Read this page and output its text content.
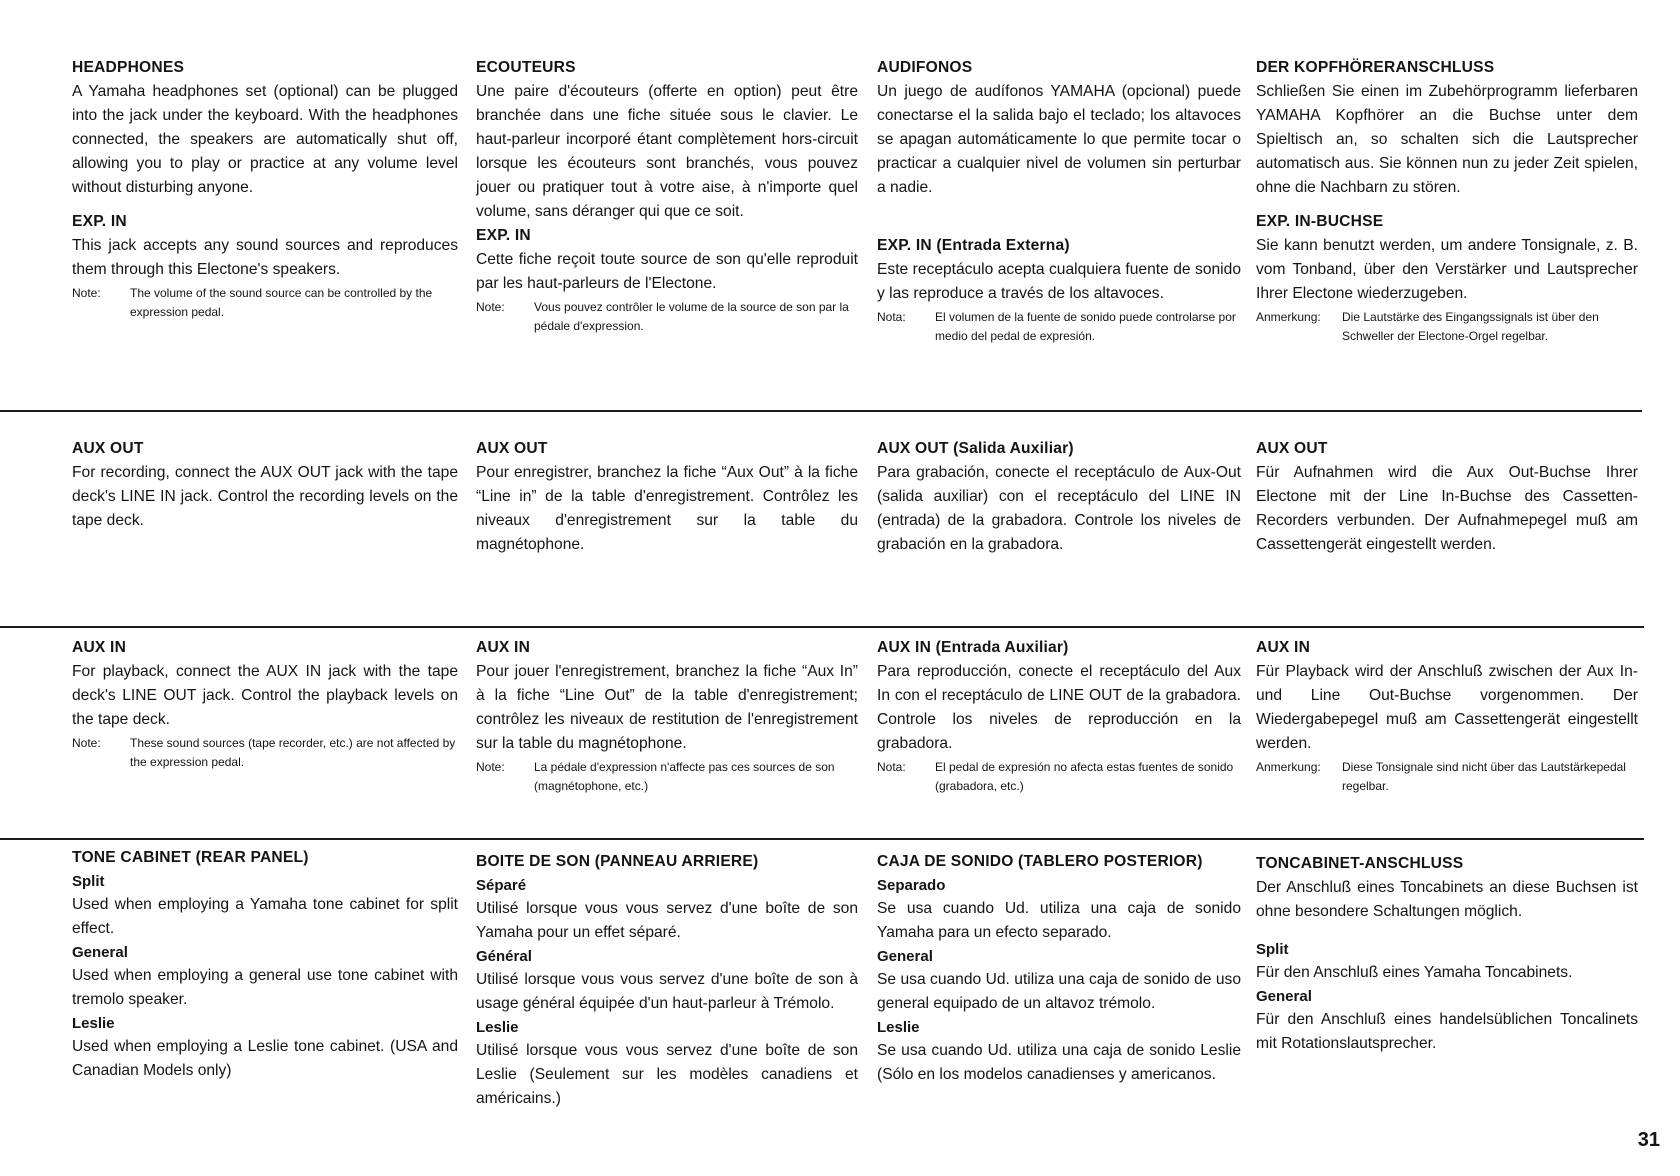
HEADPHONES

A Yamaha headphones set (optional) can be plugged into the jack under the keyboard. With the headphones connected, the speakers are automatically shut off, allowing you to play or practice at any volume level without disturbing anyone.

EXP. IN

This jack accepts any sound sources and reproduces them through this Electone's speakers.

Note:	The volume of the sound source can be controlled by the expression pedal.
ECOUTEURS

Une paire d'écouteurs (offerte en option) peut être branchée dans une fiche située sous le clavier. Le haut-parleur incorporé étant complètement hors-circuit lorsque les écouteurs sont branchés, vous pouvez jouer ou pratiquer tout à votre aise, à n'importe quel volume, sans déranger qui que ce soit.

EXP. IN

Cette fiche reçoit toute source de son qu'elle reproduit par les haut-parleurs de l'Electone.

Note:	Vous pouvez contrôler le volume de la source de son par la pédale d'expression.
AUDIFONOS

Un juego de audífonos YAMAHA (opcional) puede conectarse el la salida bajo el teclado; los altavoces se apagan automáticamente lo que permite tocar o practicar a cualquier nivel de volumen sin perturbar a nadie.

EXP. IN (Entrada Externa)

Este receptáculo acepta cualquiera fuente de sonido y las reproduce a través de los altavoces.

Nota:	El volumen de la fuente de sonido puede controlarse por medio del pedal de expresión.
DER KOPFHÖRERANSCHLUSS

Schließen Sie einen im Zubehörprogramm lieferbaren YAMAHA Kopfhörer an die Buchse unter dem Spieltisch an, so schalten sich die Lautsprecher automatisch aus. Sie können nun zu jeder Zeit spielen, ohne die Nachbarn zu stören.

EXP. IN-BUCHSE

Sie kann benutzt werden, um andere Tonsignale, z. B. vom Tonband, über den Verstärker und Lautsprecher Ihrer Electone wiederzugeben.

Anmerkung:	Die Lautstärke des Eingangssignals ist über den Schweller der Electone-Orgel regelbar.
AUX OUT

For recording, connect the AUX OUT jack with the tape deck's LINE IN jack. Control the recording levels on the tape deck.

AUX OUT

Pour enregistrer, branchez la fiche “Aux Out” à la fiche “Line in” de la table d'enregistrement. Contrôlez les niveaux d'enregistrement sur la table du magnétophone.

AUX OUT (Salida Auxiliar)

Para grabación, conecte el receptáculo de Aux-Out (salida auxiliar) con el receptáculo del LINE IN (entrada) de la grabadora. Controle los niveles de grabación en la grabadora.

AUX OUT

Für Aufnahmen wird die Aux Out-Buchse Ihrer Electone mit der Line In-Buchse des Cassetten-Recorders verbunden. Der Aufnahmepegel muß am Cassettengerät eingestellt werden.

AUX IN

For playback, connect the AUX IN jack with the tape deck's LINE OUT jack. Control the playback levels on the tape deck.

Note:	These sound sources (tape recorder, etc.) are not affected by the expression pedal.
AUX IN

Pour jouer l'enregistrement, branchez la fiche “Aux In” à la fiche “Line Out” de la table d'enregistrement; contrôlez les niveaux de restitution de l'enregistrement sur la table du magnétophone.

Note:	La pédale d'expression n'affecte pas ces sources de son (magnétophone, etc.)
AUX IN (Entrada Auxiliar)

Para reproducción, conecte el receptáculo del Aux In con el receptáculo de LINE OUT de la grabadora. Controle los niveles de reproducción en la grabadora.

Nota:	El pedal de expresión no afecta estas fuentes de sonido (grabadora, etc.)
AUX IN

Für Playback wird der Anschluß zwischen der Aux In- und Line Out-Buchse vorgenommen. Der Wiedergabepegel muß am Cassettengerät eingestellt werden.

Anmerkung:	Diese Tonsignale sind nicht über das Lautstärkepedal regelbar.
TONE CABINET (REAR PANEL)
Split

Used when employing a Yamaha tone cabinet for split effect.

General

Used when employing a general use tone cabinet with tremolo speaker.

Leslie

Used when employing a Leslie tone cabinet. (USA and Canadian Models only)

BOITE DE SON (PANNEAU ARRIERE)
Séparé

Utilisé lorsque vous vous servez d'une boîte de son Yamaha pour un effet séparé.

Général

Utilisé lorsque vous vous servez d'une boîte de son à usage général équipée d'un haut-parleur à Trémolo.

Leslie

Utilisé lorsque vous vous servez d'une boîte de son Leslie (Seulement sur les modèles canadiens et américains.)

CAJA DE SONIDO (TABLERO POSTERIOR)
Separado

Se usa cuando Ud. utiliza una caja de sonido Yamaha para un efecto separado.

General

Se usa cuando Ud. utiliza una caja de sonido de uso general equipado de un altavoz trémolo.

Leslie

Se usa cuando Ud. utiliza una caja de sonido Leslie (Sólo en los modelos canadienses y americanos.

TONCABINET-ANSCHLUSS

Der Anschluß eines Toncabinets an diese Buchsen ist ohne besondere Schaltungen möglich.

Split

Für den Anschluß eines Yamaha Toncabinets.

General

Für den Anschluß eines handelsüblichen Toncalinets mit Rotationslautsprecher.

31
